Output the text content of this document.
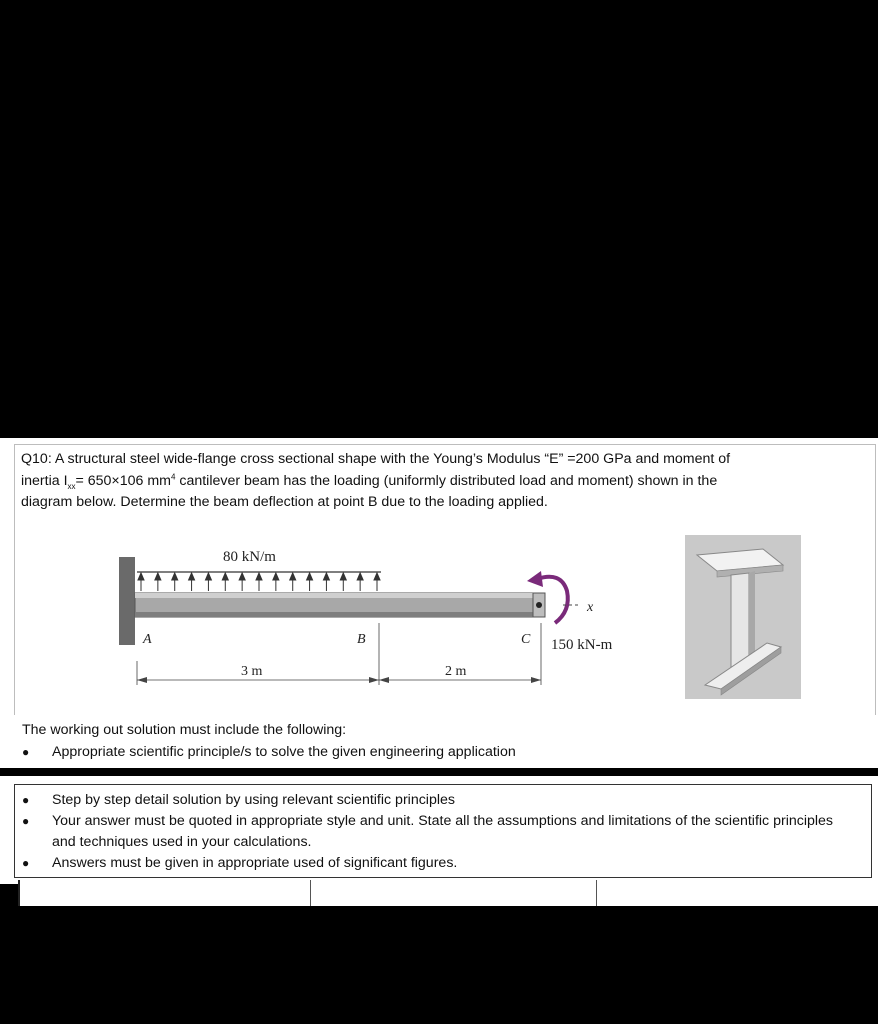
Q10: A structural steel wide-flange cross sectional shape with the Young’s Modulus “E” =200 GPa and moment of
inertia $I_{xx}= 650\times 106$ $mm^4$ cantilever beam has the loading (uniformly distributed load and moment) shown in the
diagram below. Determine the beam deflection at point B due to the loading applied.
80 kN/m
x
A	B	C 150 kN-m
3 m	2 m
The working out solution must include the following:
● Appropriate scientific principle/s to solve the given engineering application
●	Step by step detail solution by using relevant scientific principles
●	Your answer must be quoted in appropriate style and unit. State all the assumptions and limitations of the scientific principles and techniques used in your calculations.
●	Answers must be given in appropriate used of significant figures.
